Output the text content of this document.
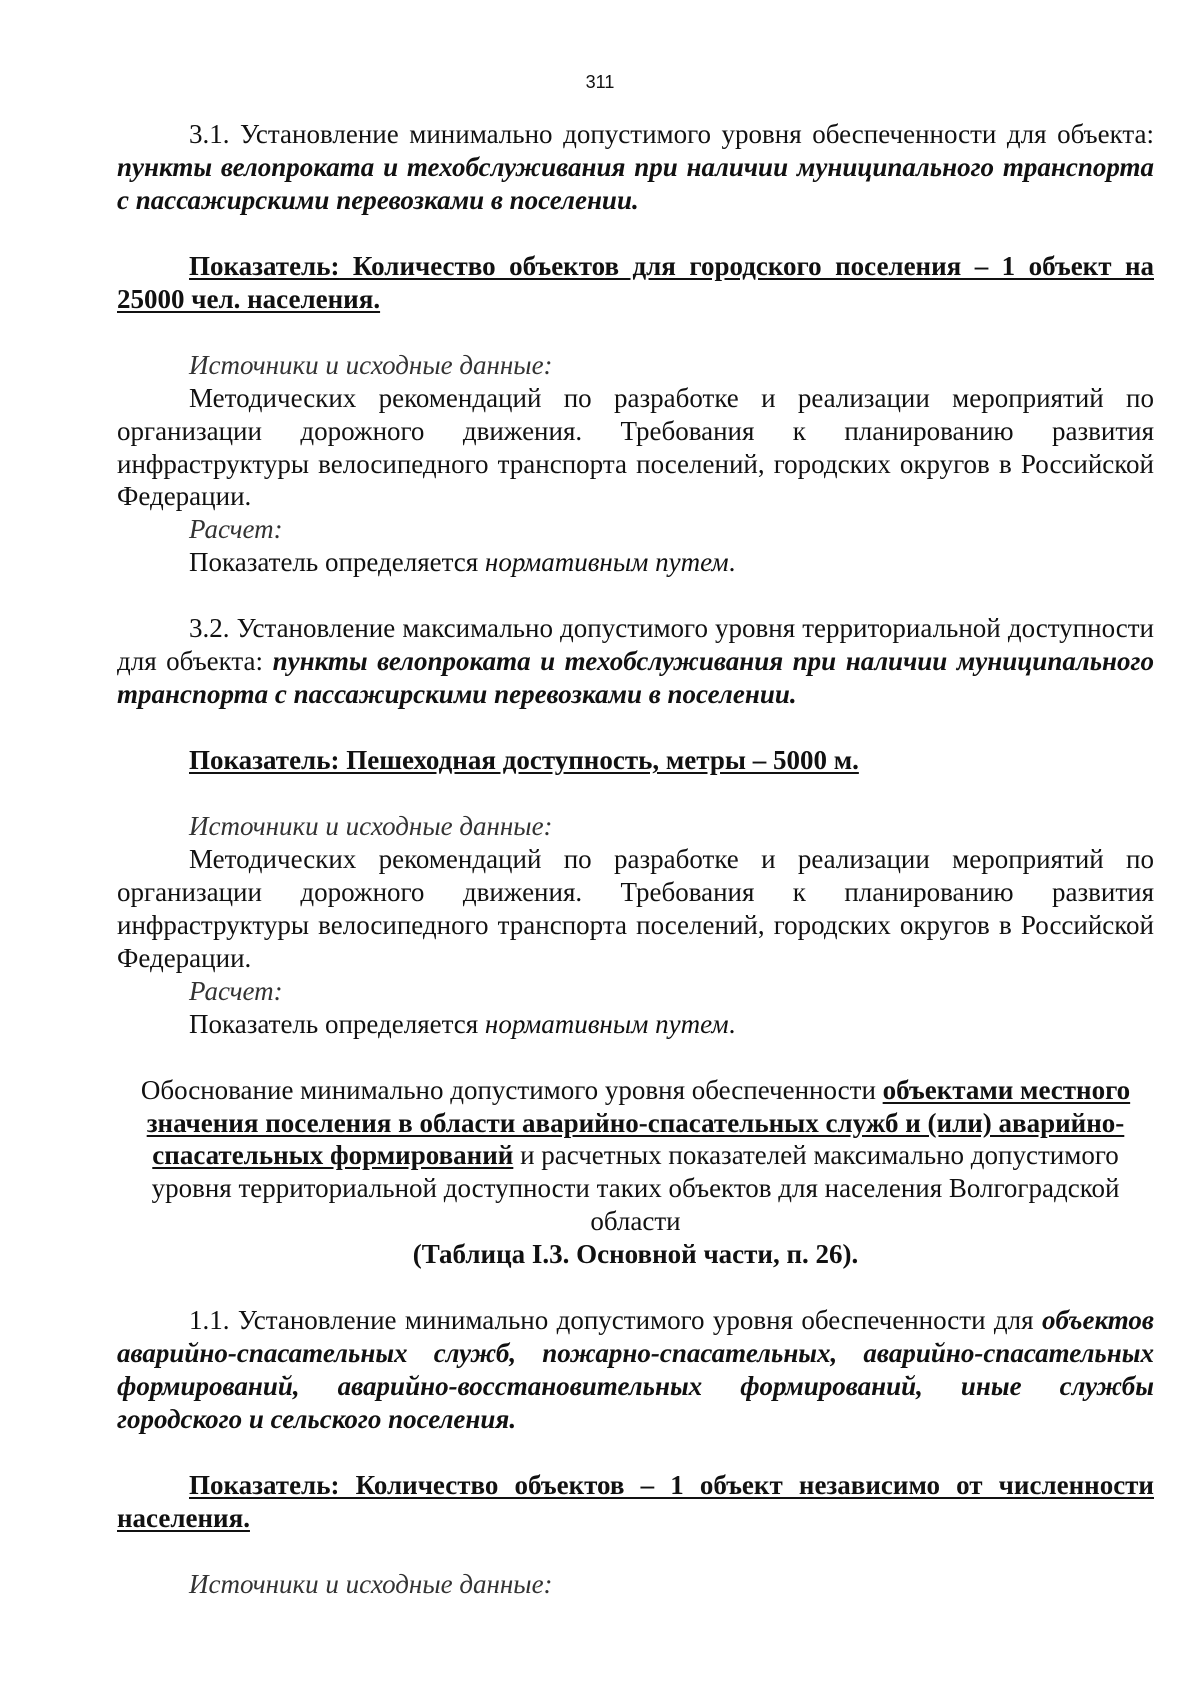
311

3.1. Установление минимально допустимого уровня обеспеченности для объекта: пункты велопроката и техобслуживания при наличии муниципального транспорта с пассажирскими перевозками в поселении.

Показатель: Количество объектов для городского поселения – 1 объект на 25000 чел. населения.

Источники и исходные данные:

Методических рекомендаций по разработке и реализации мероприятий по организации дорожного движения. Требования к планированию развития инфраструктуры велосипедного транспорта поселений, городских округов в Российской Федерации.

Расчет:

Показатель определяется нормативным путем.

3.2. Установление максимально допустимого уровня территориальной доступности для объекта: пункты велопроката и техобслуживания при наличии муниципального транспорта с пассажирскими перевозками в поселении.

Показатель: Пешеходная доступность, метры – 5000 м.

Источники и исходные данные:

Методических рекомендаций по разработке и реализации мероприятий по организации дорожного движения. Требования к планированию развития инфраструктуры велосипедного транспорта поселений, городских округов в Российской Федерации.

Расчет:

Показатель определяется нормативным путем.

Обоснование минимально допустимого уровня обеспеченности объектами местного значения поселения в области аварийно-спасательных служб и (или) аварийно-спасательных формирований и расчетных показателей максимально допустимого уровня территориальной доступности таких объектов для населения Волгоградской области

(Таблица I.3. Основной части, п. 26).

1.1. Установление минимально допустимого уровня обеспеченности для объектов аварийно-спасательных служб, пожарно-спасательных, аварийно-спасательных формирований, аварийно-восстановительных формирований, иные службы городского и сельского поселения.

Показатель: Количество объектов – 1 объект независимо от численности населения.

Источники и исходные данные:
